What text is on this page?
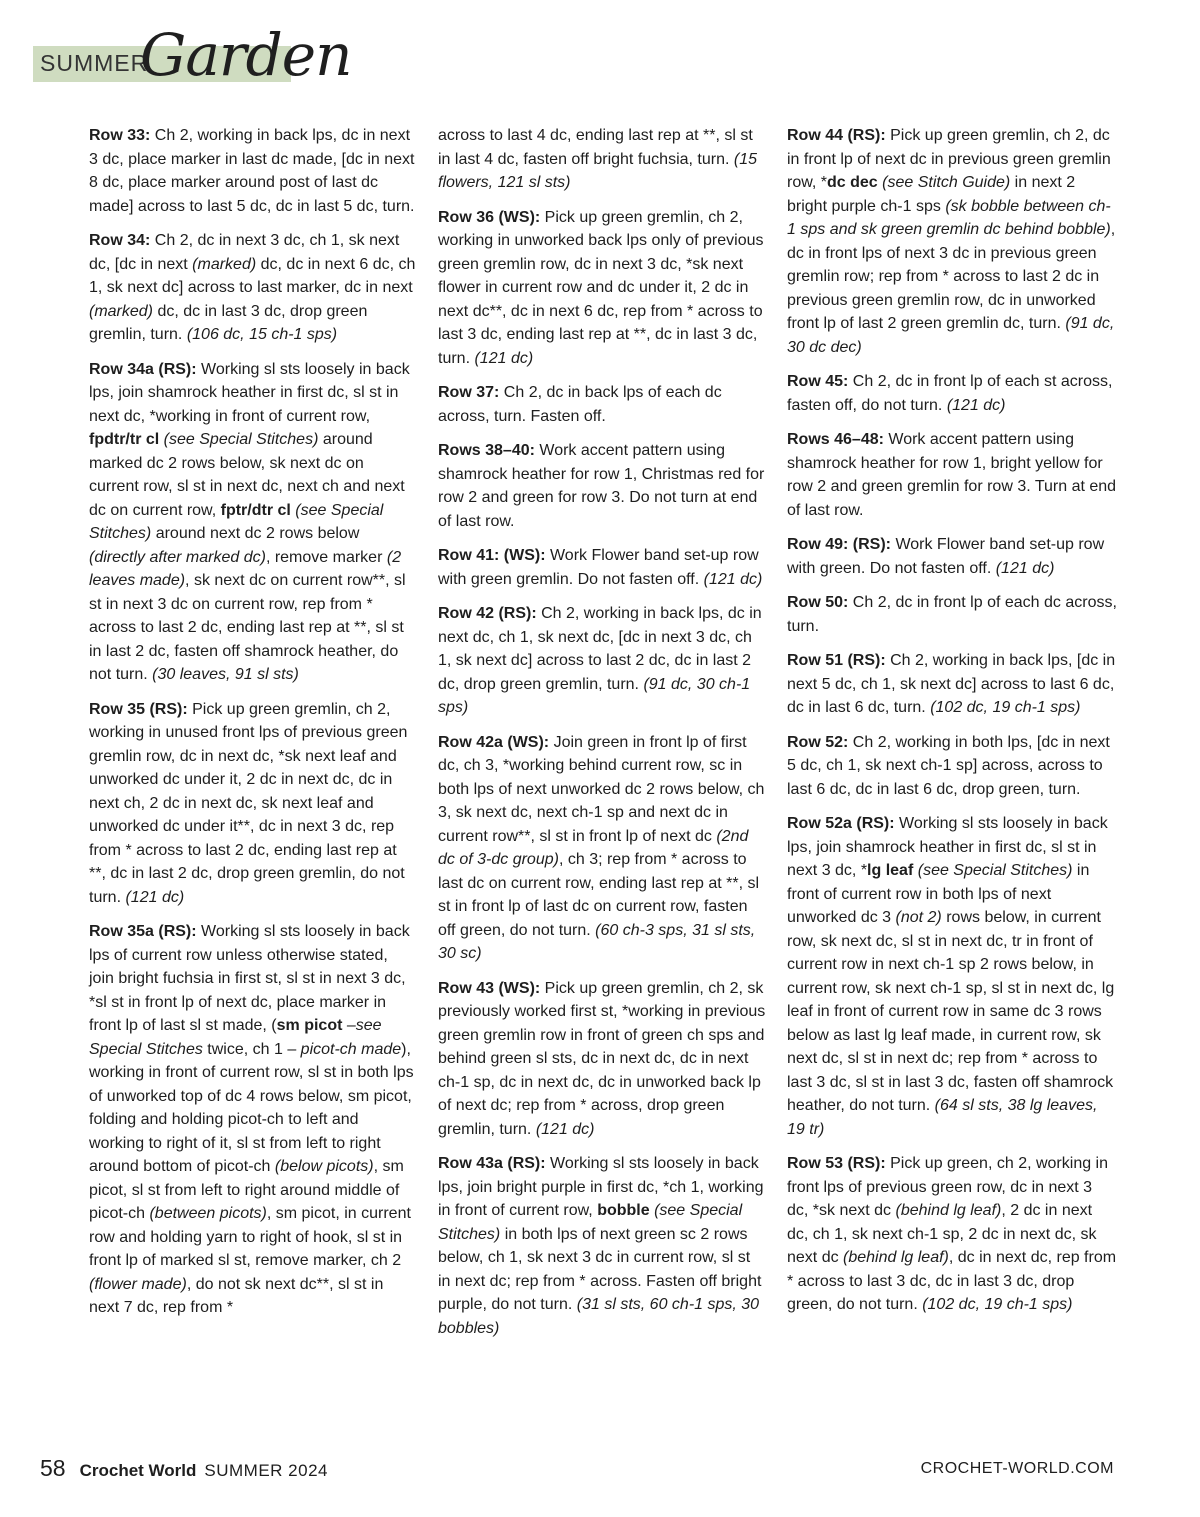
SUMMER
Garden

Row 33: Ch 2, working in back lps, dc in next 3 dc, place marker in last dc made, [dc in next 8 dc, place marker around post of last dc made] across to last 5 dc, dc in last 5 dc, turn.

Row 34: Ch 2, dc in next 3 dc, ch 1, sk next dc, [dc in next (marked) dc, dc in next 6 dc, ch 1, sk next dc] across to last marker, dc in next (marked) dc, dc in last 3 dc, drop green gremlin, turn. (106 dc, 15 ch-1 sps)

Row 34a (RS): Working sl sts loosely in back lps, join shamrock heather in first dc, sl st in next dc, *working in front of current row, fpdtr/tr cl (see Special Stitches) around marked dc 2 rows below, sk next dc on current row, sl st in next dc, next ch and next dc on current row, fptr/dtr cl (see Special Stitches) around next dc 2 rows below (directly after marked dc), remove marker (2 leaves made), sk next dc on current row**, sl st in next 3 dc on current row, rep from * across to last 2 dc, ending last rep at **, sl st in last 2 dc, fasten off shamrock heather, do not turn. (30 leaves, 91 sl sts)

Row 35 (RS): Pick up green gremlin, ch 2, working in unused front lps of previous green gremlin row, dc in next dc, *sk next leaf and unworked dc under it, 2 dc in next dc, dc in next ch, 2 dc in next dc, sk next leaf and unworked dc under it**, dc in next 3 dc, rep from * across to last 2 dc, ending last rep at **, dc in last 2 dc, drop green gremlin, do not turn. (121 dc)

Row 35a (RS): Working sl sts loosely in back lps of current row unless otherwise stated, join bright fuchsia in first st, sl st in next 3 dc, *sl st in front lp of next dc, place marker in front lp of last sl st made, (sm picot –see Special Stitches twice, ch 1 – picot-ch made), working in front of current row, sl st in both lps of unworked top of dc 4 rows below, sm picot, folding and holding picot-ch to left and working to right of it, sl st from left to right around bottom of picot-ch (below picots), sm picot, sl st from left to right around middle of picot-ch (between picots), sm picot, in current row and holding yarn to right of hook, sl st in front lp of marked sl st, remove marker, ch 2 (flower made), do not sk next dc**, sl st in next 7 dc, rep from *

across to last 4 dc, ending last rep at **, sl st in last 4 dc, fasten off bright fuchsia, turn. (15 flowers, 121 sl sts)

Row 36 (WS): Pick up green gremlin, ch 2, working in unworked back lps only of previous green gremlin row, dc in next 3 dc, *sk next flower in current row and dc under it, 2 dc in next dc**, dc in next 6 dc, rep from * across to last 3 dc, ending last rep at **, dc in last 3 dc, turn. (121 dc)

Row 37: Ch 2, dc in back lps of each dc across, turn. Fasten off.

Rows 38–40: Work accent pattern using shamrock heather for row 1, Christmas red for row 2 and green for row 3. Do not turn at end of last row.

Row 41: (WS): Work Flower band set-up row with green gremlin. Do not fasten off. (121 dc)

Row 42 (RS): Ch 2, working in back lps, dc in next dc, ch 1, sk next dc, [dc in next 3 dc, ch 1, sk next dc] across to last 2 dc, dc in last 2 dc, drop green gremlin, turn. (91 dc, 30 ch-1 sps)

Row 42a (WS): Join green in front lp of first dc, ch 3, *working behind current row, sc in both lps of next unworked dc 2 rows below, ch 3, sk next dc, next ch-1 sp and next dc in current row**, sl st in front lp of next dc (2nd dc of 3-dc group), ch 3; rep from * across to last dc on current row, ending last rep at **, sl st in front lp of last dc on current row, fasten off green, do not turn. (60 ch-3 sps, 31 sl sts, 30 sc)

Row 43 (WS): Pick up green gremlin, ch 2, sk previously worked first st, *working in previous green gremlin row in front of green ch sps and behind green sl sts, dc in next dc, dc in next ch-1 sp, dc in next dc, dc in unworked back lp of next dc; rep from * across, drop green gremlin, turn. (121 dc)

Row 43a (RS): Working sl sts loosely in back lps, join bright purple in first dc, *ch 1, working in front of current row, bobble (see Special Stitches) in both lps of next green sc 2 rows below, ch 1, sk next 3 dc in current row, sl st in next dc; rep from * across. Fasten off bright purple, do not turn. (31 sl sts, 60 ch-1 sps, 30 bobbles)

Row 44 (RS): Pick up green gremlin, ch 2, dc in front lp of next dc in previous green gremlin row, *dc dec (see Stitch Guide) in next 2 bright purple ch-1 sps (sk bobble between ch-1 sps and sk green gremlin dc behind bobble), dc in front lps of next 3 dc in previous green gremlin row; rep from * across to last 2 dc in previous green gremlin row, dc in unworked front lp of last 2 green gremlin dc, turn. (91 dc, 30 dc dec)

Row 45: Ch 2, dc in front lp of each st across, fasten off, do not turn. (121 dc)

Rows 46–48: Work accent pattern using shamrock heather for row 1, bright yellow for row 2 and green gremlin for row 3. Turn at end of last row.

Row 49: (RS): Work Flower band set-up row with green. Do not fasten off. (121 dc)

Row 50: Ch 2, dc in front lp of each dc across, turn.

Row 51 (RS): Ch 2, working in back lps, [dc in next 5 dc, ch 1, sk next dc] across to last 6 dc, dc in last 6 dc, turn. (102 dc, 19 ch-1 sps)

Row 52: Ch 2, working in both lps, [dc in next 5 dc, ch 1, sk next ch-1 sp] across, across to last 6 dc, dc in last 6 dc, drop green, turn.

Row 52a (RS): Working sl sts loosely in back lps, join shamrock heather in first dc, sl st in next 3 dc, *lg leaf (see Special Stitches) in front of current row in both lps of next unworked dc 3 (not 2) rows below, in current row, sk next dc, sl st in next dc, tr in front of current row in next ch-1 sp 2 rows below, in current row, sk next ch-1 sp, sl st in next dc, lg leaf in front of current row in same dc 3 rows below as last lg leaf made, in current row, sk next dc, sl st in next dc; rep from * across to last 3 dc, sl st in last 3 dc, fasten off shamrock heather, do not turn. (64 sl sts, 38 lg leaves, 19 tr)

Row 53 (RS): Pick up green, ch 2, working in front lps of previous green row, dc in next 3 dc, *sk next dc (behind lg leaf), 2 dc in next dc, ch 1, sk next ch-1 sp, 2 dc in next dc, sk next dc (behind lg leaf), dc in next dc, rep from * across to last 3 dc, dc in last 3 dc, drop green, do not turn. (102 dc, 19 ch-1 sps)

58 Crochet World SUMMER 2024	CROCHET-WORLD.COM
